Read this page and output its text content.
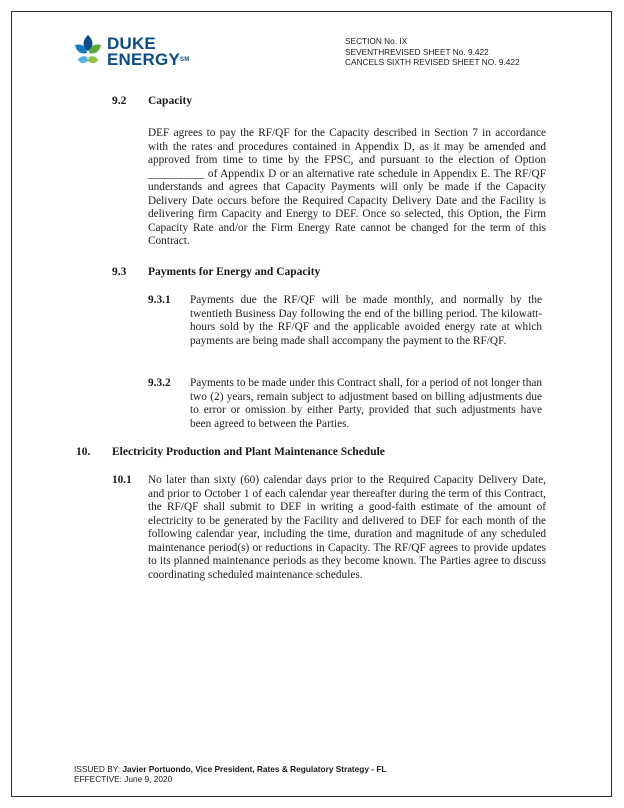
DUKE
ENERGYSM
SECTION No. IX
SEVENTHREVISED SHEET No. 9.422
CANCELS SIXTH REVISED SHEET NO. 9.422
9.2 Capacity
DEF agrees to pay the RF/QF for the Capacity described in Section 7 in accordance with the rates and procedures contained in Appendix D, as it may be amended and approved from time to time by the FPSC, and pursuant to the election of Option __________ of Appendix D or an alternative rate schedule in Appendix E. The RF/QF understands and agrees that Capacity Payments will only be made if the Capacity Delivery Date occurs before the Required Capacity Delivery Date and the Facility is delivering firm Capacity and Energy to DEF. Once so selected, this Option, the Firm Capacity Rate and/or the Firm Energy Rate cannot be changed for the term of this Contract.
9.3 Payments for Energy and Capacity
9.3.1 Payments due the RF/QF will be made monthly, and normally by the twentieth Business Day following the end of the billing period. The kilowatt-hours sold by the RF/QF and the applicable avoided energy rate at which payments are being made shall accompany the payment to the RF/QF.
9.3.2 Payments to be made under this Contract shall, for a period of not longer than two (2) years, remain subject to adjustment based on billing adjustments due to error or omission by either Party, provided that such adjustments have been agreed to between the Parties.
10. Electricity Production and Plant Maintenance Schedule
10.1 No later than sixty (60) calendar days prior to the Required Capacity Delivery Date, and prior to October 1 of each calendar year thereafter during the term of this Contract, the RF/QF shall submit to DEF in writing a good-faith estimate of the amount of electricity to be generated by the Facility and delivered to DEF for each month of the following calendar year, including the time, duration and magnitude of any scheduled maintenance period(s) or reductions in Capacity. The RF/QF agrees to provide updates to its planned maintenance periods as they become known. The Parties agree to discuss coordinating scheduled maintenance schedules.
ISSUED BY: Javier Portuondo, Vice President, Rates & Regulatory Strategy - FL
EFFECTIVE: June 9, 2020
